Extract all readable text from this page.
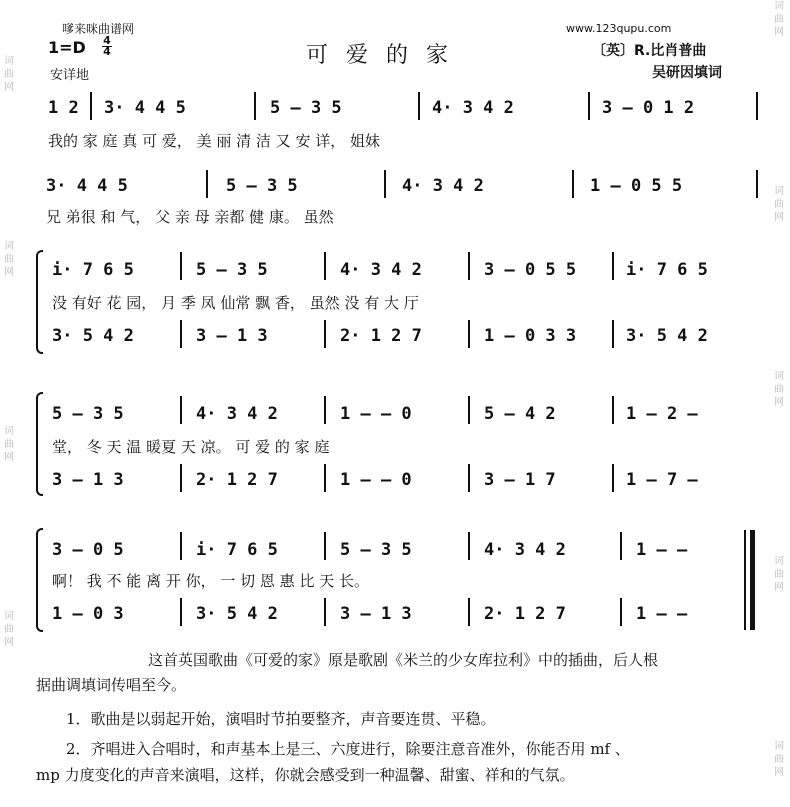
词
曲
网
词
曲
网
词
曲
网
词
曲
网
词
曲
网
词
曲
网
词
曲
网
词
曲
网
词
曲
网
嗲来咪曲谱网	www.123qupu.com
1=D 4
4
安详地
可爱的家	〔英〕R.比肖普曲
吴研因填词
1 2 3· 4 4 5	5 – 3 5	4· 3 4 2	3 – 0 1 2
我的 家 庭 真 可 爱， 美 丽 清 洁 又 安 详， 姐妹
3· 4 4 5	5 – 3 5	4· 3 4 2	1 – 0 5 5
兄 弟很 和 气， 父 亲 母 亲都 健 康。 虽然
i· 7 6 5	5 – 3 5	4· 3 4 2	3 – 0 5 5	i· 7 6 5
没 有好 花 园， 月 季 凤 仙常 飘 香， 虽然 没 有 大 厅
3· 5 4 2	3 – 1 3	2· 1 2 7	1 – 0 3 3	3· 5 4 2
5 – 3 5	4· 3 4 2	1 – – 0	5 – 4 2	1 – 2 –
堂， 冬 天 温 暖夏 天 凉。 可 爱 的 家 庭
3 – 1 3	2· 1 2 7	1 – – 0	3 – 1 7	1 – 7 –
3 – 0 5	i· 7 6 5	5 – 3 5	4· 3 4 2	1 – –
啊！ 我 不 能 离 开 你， 一 切 恩 惠 比 天 长。
1 – 0 3	3· 5 4 2	3 – 1 3	2· 1 2 7	1 – –
这首英国歌曲《可爱的家》原是歌剧《米兰的少女库拉利》中的插曲，后人根
据曲调填词传唱至今。
1．歌曲是以弱起开始，演唱时节拍要整齐，声音要连贯、平稳。
2．齐唱进入合唱时，和声基本上是三、六度进行，除要注意音准外，你能否用 mf 、
mp 力度变化的声音来演唱，这样，你就会感受到一种温馨、甜蜜、祥和的气氛。
